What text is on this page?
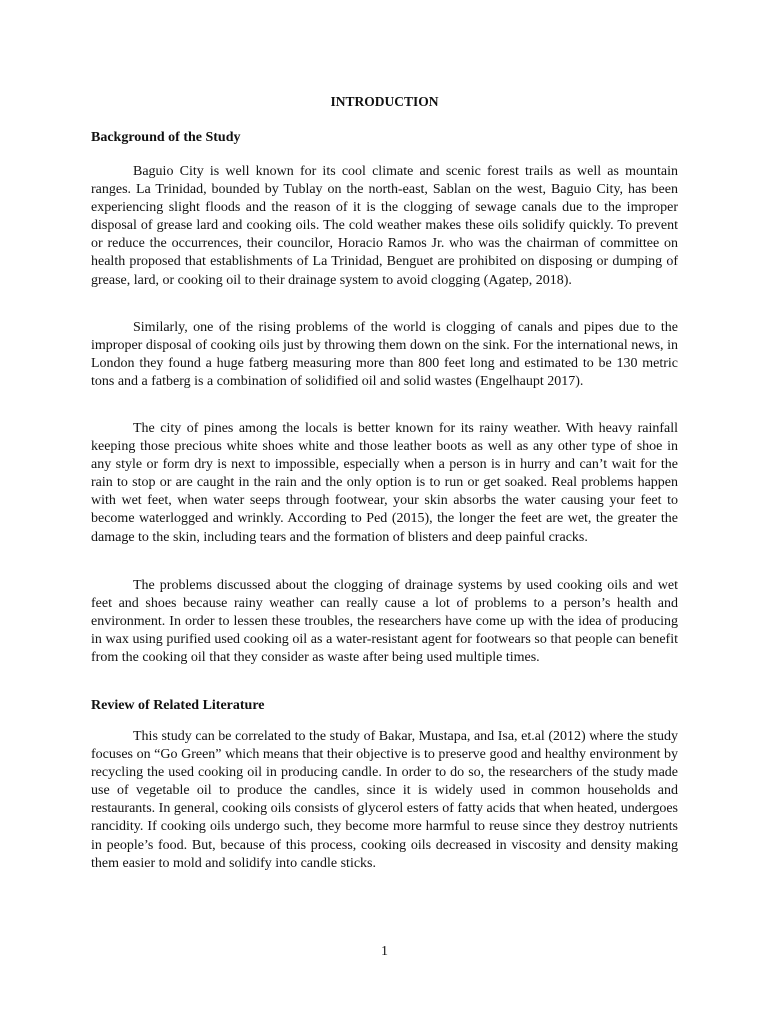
INTRODUCTION
Background of the Study

Baguio City is well known for its cool climate and scenic forest trails as well as mountain ranges. La Trinidad, bounded by Tublay on the north-east, Sablan on the west, Baguio City, has been experiencing slight floods and the reason of it is the clogging of sewage canals due to the improper disposal of grease lard and cooking oils. The cold weather makes these oils solidify quickly. To prevent or reduce the occurrences, their councilor, Horacio Ramos Jr. who was the chairman of committee on health proposed that establishments of La Trinidad, Benguet are prohibited on disposing or dumping of grease, lard, or cooking oil to their drainage system to avoid clogging (Agatep, 2018).

Similarly, one of the rising problems of the world is clogging of canals and pipes due to the improper disposal of cooking oils just by throwing them down on the sink. For the international news, in London they found a huge fatberg measuring more than 800 feet long and estimated to be 130 metric tons and a fatberg is a combination of solidified oil and solid wastes (Engelhaupt 2017).

The city of pines among the locals is better known for its rainy weather. With heavy rainfall keeping those precious white shoes white and those leather boots as well as any other type of shoe in any style or form dry is next to impossible, especially when a person is in hurry and can’t wait for the rain to stop or are caught in the rain and the only option is to run or get soaked. Real problems happen with wet feet, when water seeps through footwear, your skin absorbs the water causing your feet to become waterlogged and wrinkly. According to Ped (2015), the longer the feet are wet, the greater the damage to the skin, including tears and the formation of blisters and deep painful cracks.

The problems discussed about the clogging of drainage systems by used cooking oils and wet feet and shoes because rainy weather can really cause a lot of problems to a person’s health and environment. In order to lessen these troubles, the researchers have come up with the idea of producing in wax using purified used cooking oil as a water-resistant agent for footwears so that people can benefit from the cooking oil that they consider as waste after being used multiple times.

Review of Related Literature

This study can be correlated to the study of Bakar, Mustapa, and Isa, et.al (2012) where the study focuses on “Go Green” which means that their objective is to preserve good and healthy environment by recycling the used cooking oil in producing candle. In order to do so, the researchers of the study made use of vegetable oil to produce the candles, since it is widely used in common households and restaurants. In general, cooking oils consists of glycerol esters of fatty acids that when heated, undergoes rancidity. If cooking oils undergo such, they become more harmful to reuse since they destroy nutrients in people’s food. But, because of this process, cooking oils decreased in viscosity and density making them easier to mold and solidify into candle sticks.

1
